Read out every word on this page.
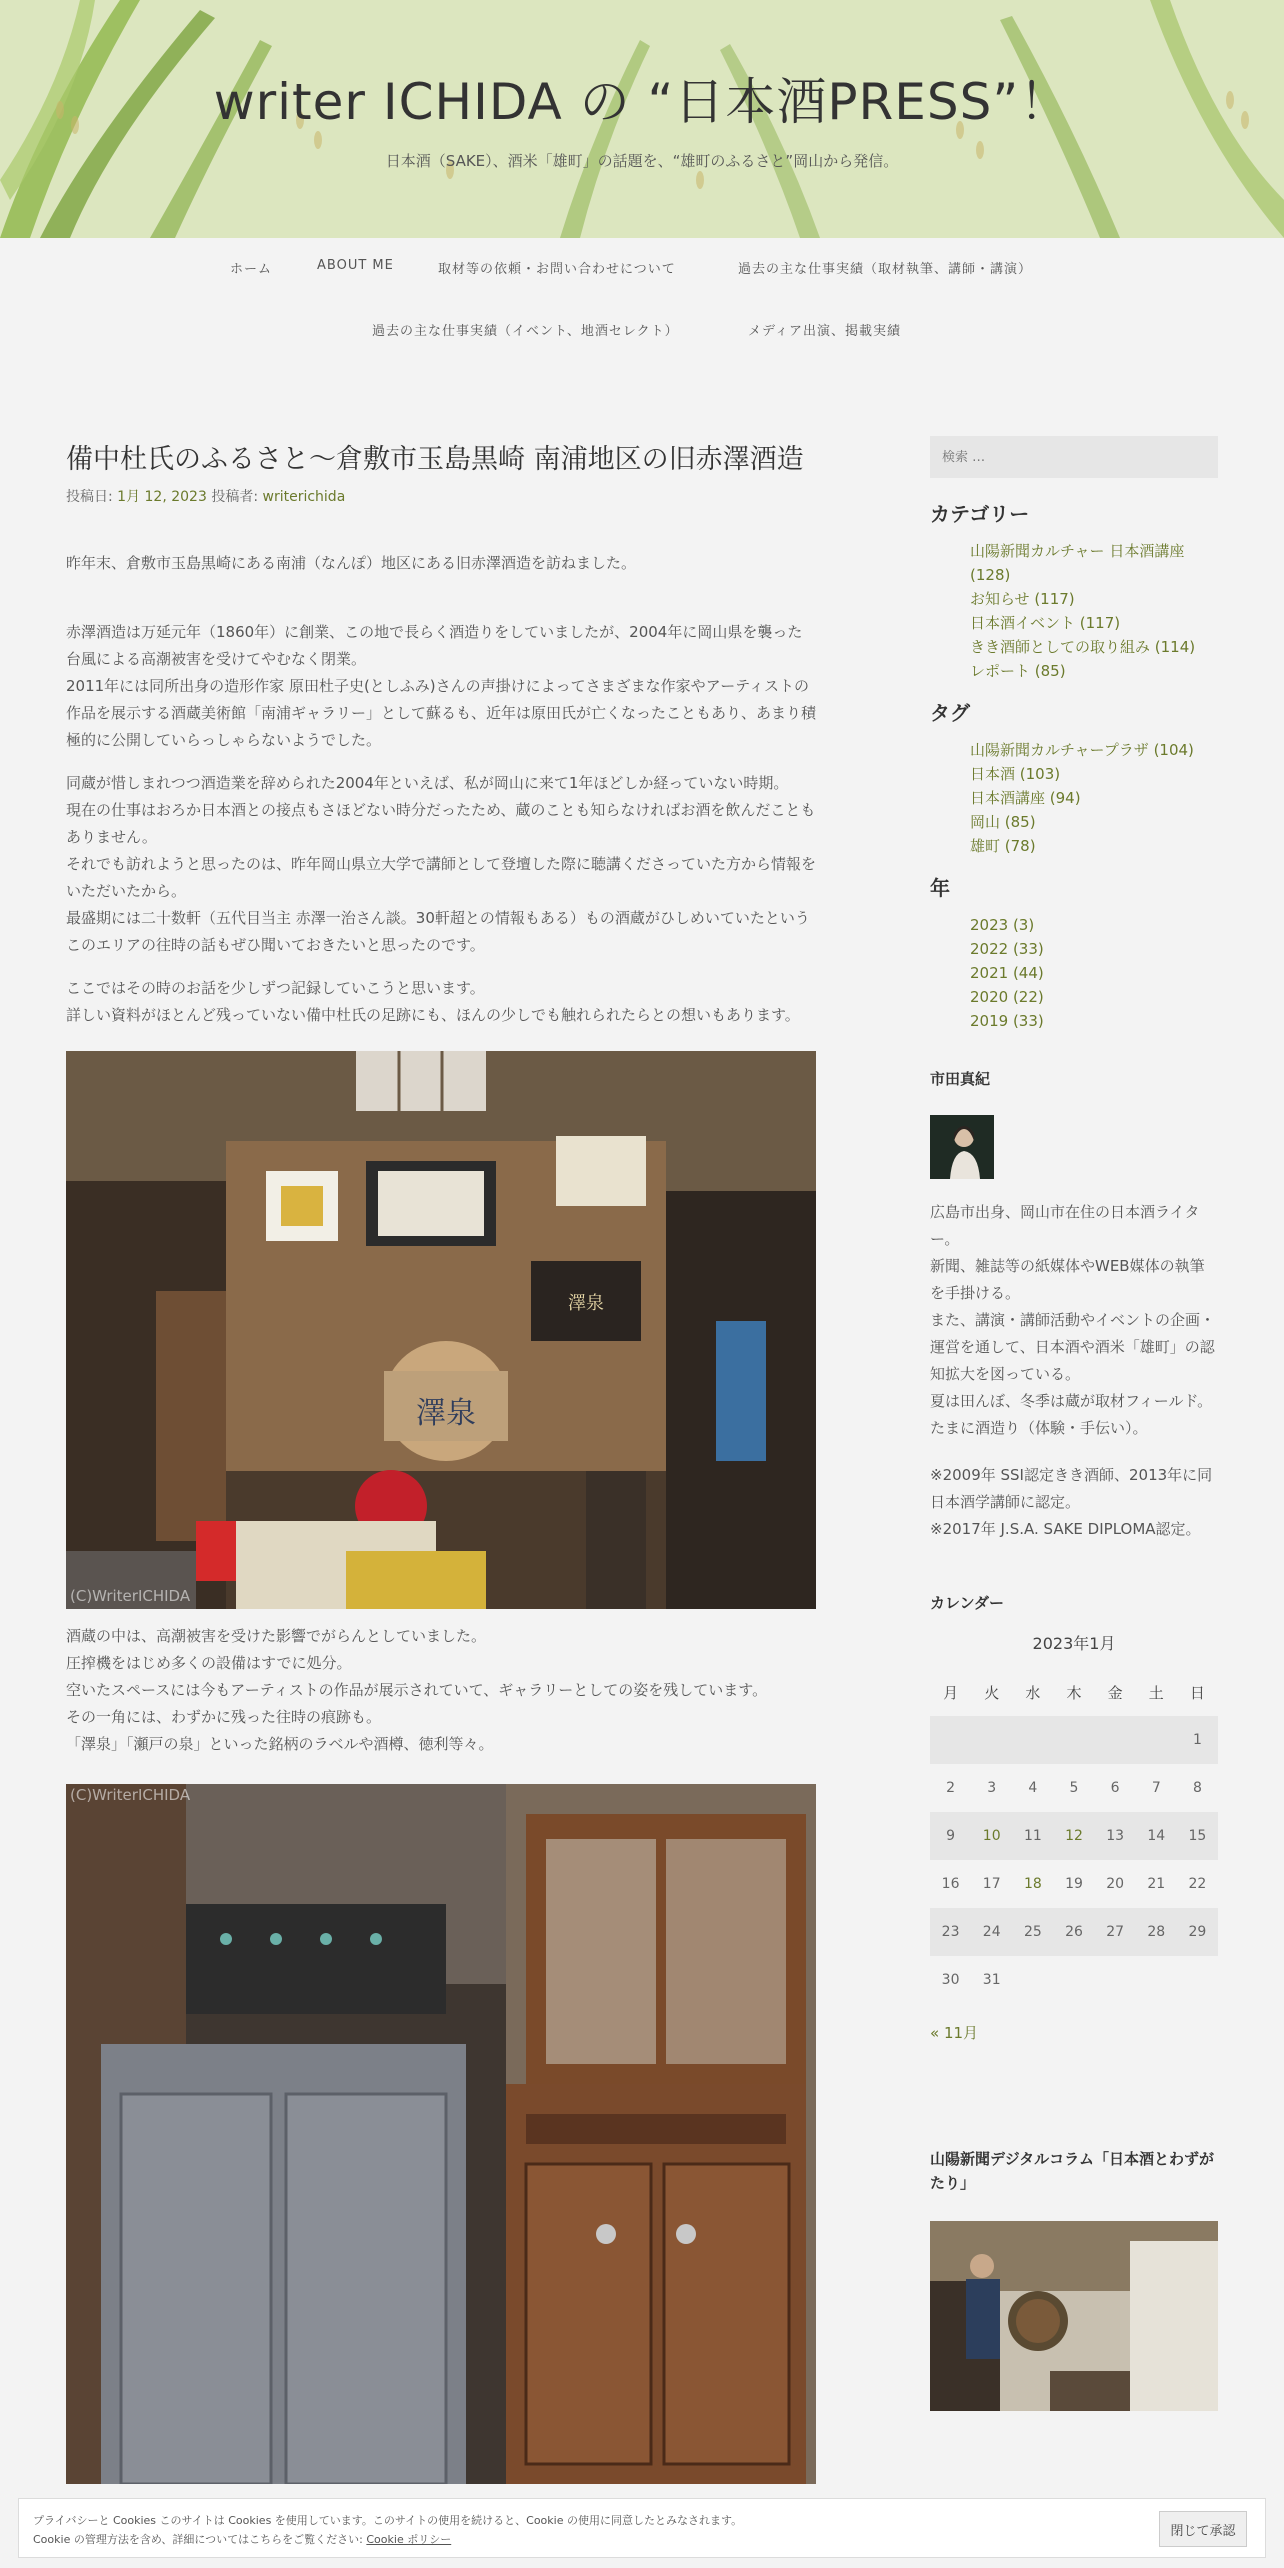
writer ICHIDA の “日本酒PRESS”！
日本酒（SAKE）、酒米「雄町」の話題を、“雄町のふるさと”岡山から発信。
ホーム	ABOUT ME	取材等の依頼・お問い合わせについて	過去の主な仕事実績（取材執筆、講師・講演）
過去の主な仕事実績（イベント、地酒セレクト）	メディア出演、掲載実績
備中杜氏のふるさと～倉敷市玉島黒崎 南浦地区の旧赤澤酒造
投稿日: 1月 12, 2023 投稿者: writerichida

昨年末、倉敷市玉島黒崎にある南浦（なんぽ）地区にある旧赤澤酒造を訪ねました。

赤澤酒造は万延元年（1860年）に創業、この地で長らく酒造りをしていましたが、2004年に岡山県を襲った台風による高潮被害を受けてやむなく閉業。
2011年には同所出身の造形作家 原田杜子史(としふみ)さんの声掛けによってさまざまな作家やアーティストの作品を展示する酒蔵美術館「南浦ギャラリー」として蘇るも、近年は原田氏が亡くなったこともあり、あまり積極的に公開していらっしゃらないようでした。

同蔵が惜しまれつつ酒造業を辞められた2004年といえば、私が岡山に来て1年ほどしか経っていない時期。
現在の仕事はおろか日本酒との接点もさほどない時分だったため、蔵のことも知らなければお酒を飲んだこともありません。
それでも訪れようと思ったのは、昨年岡山県立大学で講師として登壇した際に聴講くださっていた方から情報をいただいたから。
最盛期には二十数軒（五代目当主 赤澤一治さん談。30軒超との情報もある）もの酒蔵がひしめいていたというこのエリアの往時の話もぜひ聞いておきたいと思ったのです。

ここではその時のお話を少しずつ記録していこうと思います。
詳しい資料がほとんど残っていない備中杜氏の足跡にも、ほんの少しでも触れられたらとの想いもあります。

澤泉
澤泉
(C)WriterICHIDA

酒蔵の中は、高潮被害を受けた影響でがらんとしていました。
圧搾機をはじめ多くの設備はすでに処分。
空いたスペースには今もアーティストの作品が展示されていて、ギャラリーとしての姿を残しています。
その一角には、わずかに残った往時の痕跡も。
「澤泉」「瀬戸の泉」といった銘柄のラベルや酒樽、徳利等々。

(C)WriterICHIDA
検索 …
カテゴリー
山陽新聞カルチャー 日本酒講座 (128)
お知らせ (117)
日本酒イベント (117)
きき酒師としての取り組み (114)
レポート (85)
タグ
山陽新聞カルチャープラザ (104)
日本酒 (103)
日本酒講座 (94)
岡山 (85)
雄町 (78)
年
2023 (3)
2022 (33)
2021 (44)
2020 (22)
2019 (33)
市田真紀

広島市出身、岡山市在住の日本酒ライター。
新聞、雑誌等の紙媒体やWEB媒体の執筆を手掛ける。
また、講演・講師活動やイベントの企画・運営を通して、日本酒や酒米「雄町」の認知拡大を図っている。
夏は田んぼ、冬季は蔵が取材フィールド。
たまに酒造り（体験・手伝い）。

※2009年 SSI認定きき酒師、2013年に同日本酒学講師に認定。
※2017年 J.S.A. SAKE DIPLOMA認定。

カレンダー
2023年1月
月	火	水	木	金	土	日
						1
2	3	4	5	6	7	8
9	10	11	12	13	14	15
16	17	18	19	20	21	22
23	24	25	26	27	28	29
30	31					
« 11月
山陽新聞デジタルコラム「日本酒とわずがたり」
プライバシーと Cookies このサイトは Cookies を使用しています。このサイトの使用を続けると、Cookie の使用に同意したとみなされます。
Cookie の管理方法を含め、詳細についてはこちらをご覧ください: Cookie ポリシー
閉じて承認
